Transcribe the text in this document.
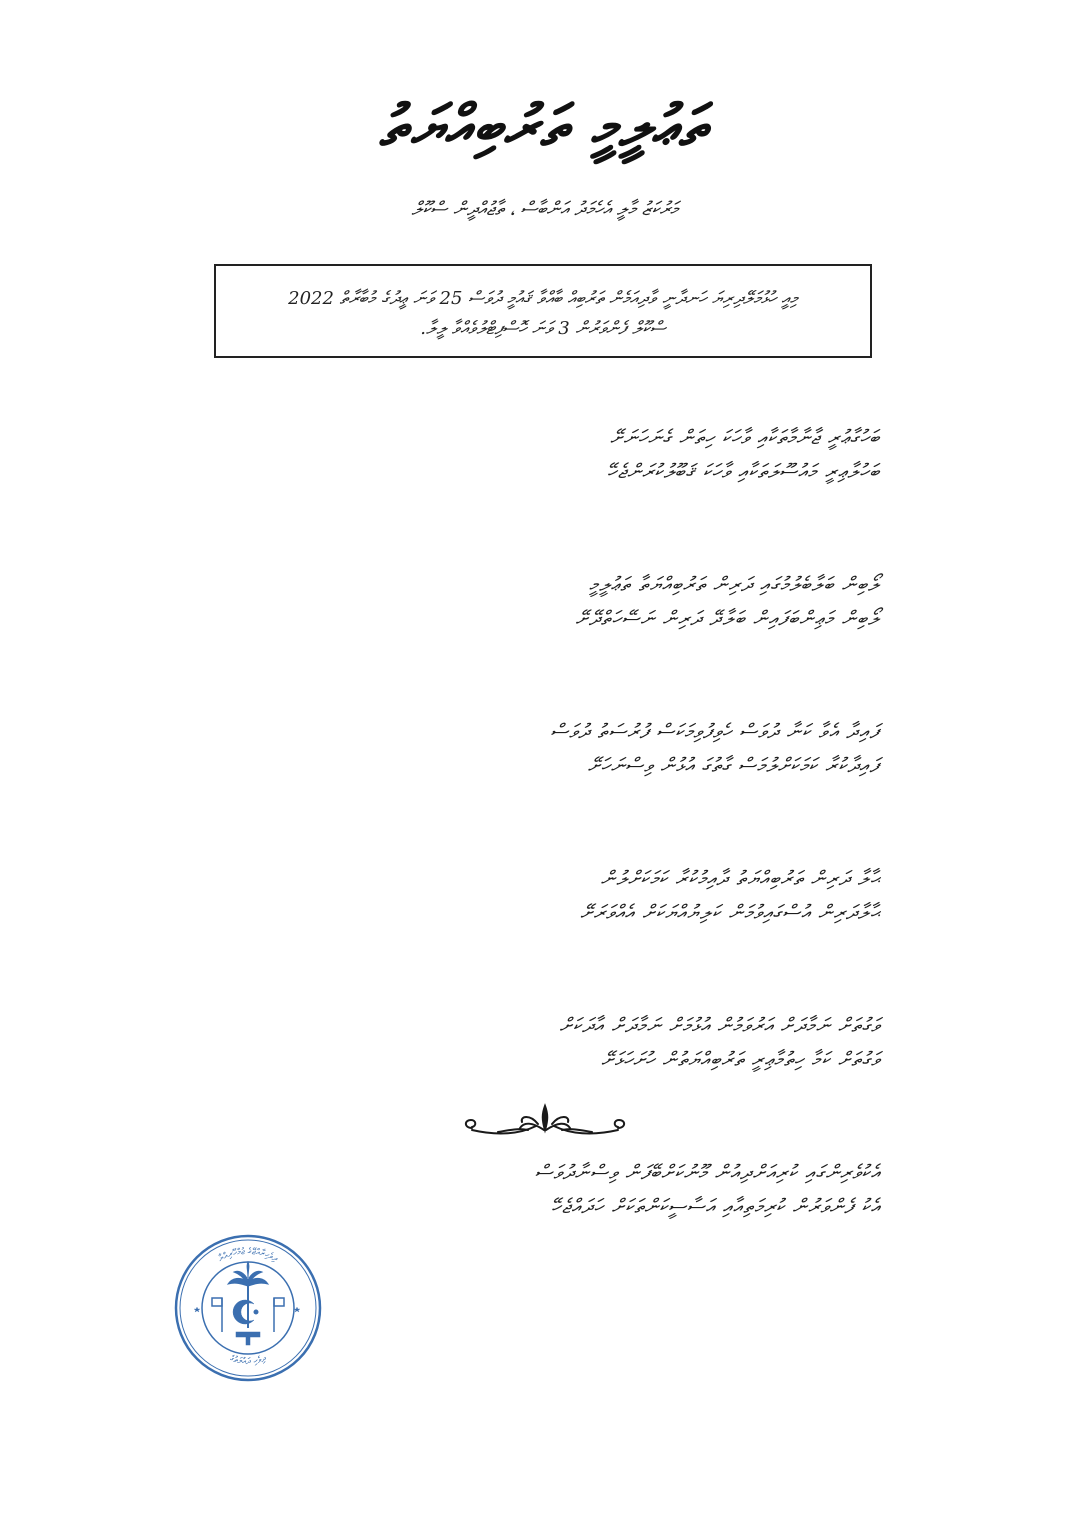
ތަޢުލީމީ ތަރުބިއްޔަތު
މަރުކަޒު މާލީ އެހެމަދު އަންބާސް ، ތާޖުއްދީން ސްކޫލް
މިއީ ހުޅުމަލޭދިރިޔަ ހަނދާނީ ވާދިއަމެން ތަރުބިއް ބާއްވާ ޤައުމީ ދުވަސް 25 ވަނަ ޢީދުގެ މުބާރާތް 2022
ސްކޫލް ފެންވަރުން 3 ވަނަ ހޮސްފިޓްލުވެއްވާ ލީލާ.
ބަހުގާޢުރީ ޖާނާމާތަކާއި ވާހަކަ ހިތަން ގެނަހަނަށޭ
ބަހުލާޢިރީ މައުސޫލަތަކާއި ވާހަކަ ޤަބޫލުކުރަންޖެހޭ
ލޯބިން ބަލާބެލުމުގައި ދަރިން ތަރުބިއްޔަތާ ތަޢުލީމީ
ލޯބިން މަޢިންބަފައިން ބަލާދޭ ދަރިން ނަސޭހަތްދޭށޭ
ފައިދާ އެވާ ކަނާ ދުވަސް ހެވިފުވިމަކަސް ފުރުސަތު ދުވަސް
ފައިދާކުރާ ކަމަކަށްލުމަސް ގާތުގަ އުޅުން ވިސްނަހަށޭ
ޙާލާ ދަރިން ތަރުބިއްޔަތު ދާއިމުކުރާ ކަމަކަށްލުން
ޙާލާދަރިން އުސްގައިވުމަން ކަލިޔުއްޔަކަށް އެއްވަރަށޭ
ވަގުތަށް ނަމާދަށް އަރުވަމުން އުޅުމަށް ނަމާދަށް އާދަކަށް
ވަގުތަށް ކަމާ ހިތުމާޢިރީ ތަރުބިއްޔަތުން ހުށަހަޅަށޭ
އެކުވެރިންގައި ކުރިއަށްދިއުން މޫނުކަށްބޭފަން ވިސްނާދުވަސް
އެކު ފެންވަރުން ކުރިމަތިއާއި އަސާސީކަންތަކަށް ހަދައްޖެހޭ
ދިވެހިރާއްޖޭގެ ޖުމްހޫރިއްޔާ
ދިވެހި ދައުލަތުގެ
